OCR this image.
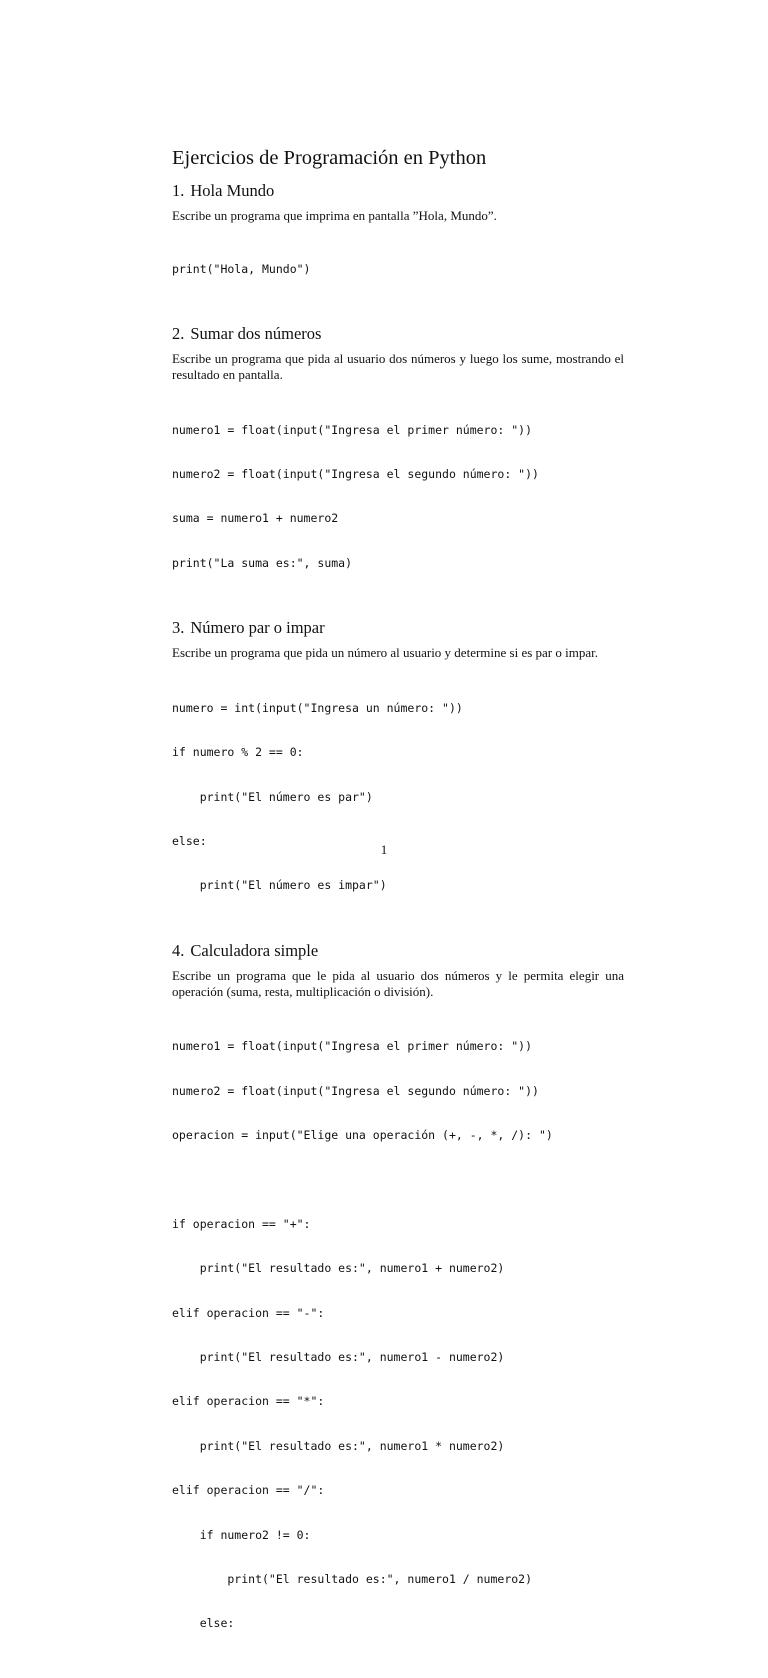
Ejercicios de Programación en Python
1. Hola Mundo

Escribe un programa que imprima en pantalla ”Hola, Mundo”.

print("Hola, Mundo")

2. Sumar dos números

Escribe un programa que pida al usuario dos números y luego los sume, mostrando el resultado en pantalla.

numero1 = float(input("Ingresa el primer número: "))

numero2 = float(input("Ingresa el segundo número: "))

suma = numero1 + numero2

print("La suma es:", suma)

3. Número par o impar

Escribe un programa que pida un número al usuario y determine si es par o impar.

numero = int(input("Ingresa un número: "))

if numero % 2 == 0:

print("El número es par")

else:

print("El número es impar")

4. Calculadora simple

Escribe un programa que le pida al usuario dos números y le permita elegir una operación (suma, resta, multiplicación o división).

numero1 = float(input("Ingresa el primer número: "))

numero2 = float(input("Ingresa el segundo número: "))

operacion = input("Elige una operación (+, -, *, /): ")

if operacion == "+":

print("El resultado es:", numero1 + numero2)

elif operacion == "-":

print("El resultado es:", numero1 - numero2)

elif operacion == "*":

print("El resultado es:", numero1 * numero2)

elif operacion == "/":

if numero2 != 0:

print("El resultado es:", numero1 / numero2)

else:

1
